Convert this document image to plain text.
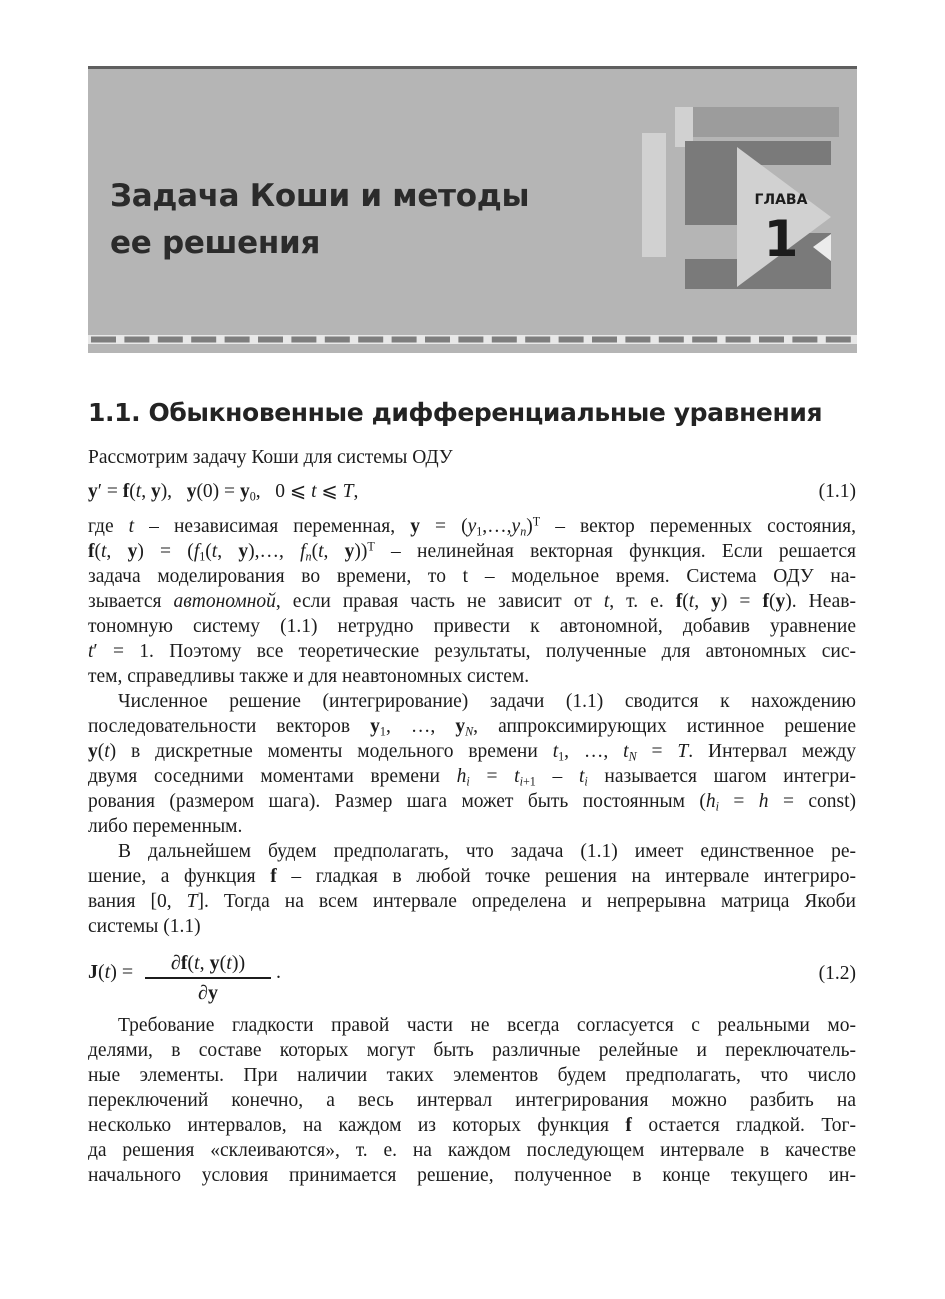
Задача Коши и методы
ее решения
ГЛАВА
1
1.1. Обыкновенные дифференциальные уравнения
Рассмотрим задачу Коши для системы ОДУ
y′ = f(t, y),   $y(0) = y_0$,   0 ⩽ t ⩽ T,	(1.1)
где t – независимая переменная, $y = (y_1,\dots,y_n)^T$ – вектор переменных состояния,
f(t, $y) = (f_1(t$, y),…, $f_n(t$, y))$^T$ – нелинейная векторная функция. Если решается
задача моделирования во времени, то t – модельное время. Система ОДУ на-
зывается автономной, если правая часть не зависит от t, т. е. f(t, y) = f(y). Неав-
тономную систему (1.1) нетрудно привести к автономной, добавив уравнение
t′ = 1. Поэтому все теоретические результаты, полученные для автономных сис-
тем, справедливы также и для неавтономных систем.
Численное решение (интегрирование) задачи (1.1) сводится к нахождению
последовательности векторов $y_1$, …, $y_N$, аппроксимирующих истинное решение
y(t) в дискретные моменты модельного времени $t_1$, …, $t_N = T$. Интервал между
двумя соседними моментами времени $h_i = t_{i+1} - t_i$ называется шагом интегри-
рования (размером шага). Размер шага может быть постоянным ($h_i = h$ = const)
либо переменным.
В дальнейшем будем предполагать, что задача (1.1) имеет единственное ре-
шение, а функция f – гладкая в любой точке решения на интервале интегриро-
вания [0, T]. Тогда на всем интервале определена и непрерывна матрица Якоби
системы (1.1)
J(t) =	∂f(t, y(t))
∂y
.	(1.2)
Требование гладкости правой части не всегда согласуется с реальными мо-
делями, в составе которых могут быть различные релейные и переключатель-
ные элементы. При наличии таких элементов будем предполагать, что число
переключений конечно, а весь интервал интегрирования можно разбить на
несколько интервалов, на каждом из которых функция f остается гладкой. Тог-
да решения «склеиваются», т. е. на каждом последующем интервале в качестве
начального условия принимается решение, полученное в конце текущего ин-
